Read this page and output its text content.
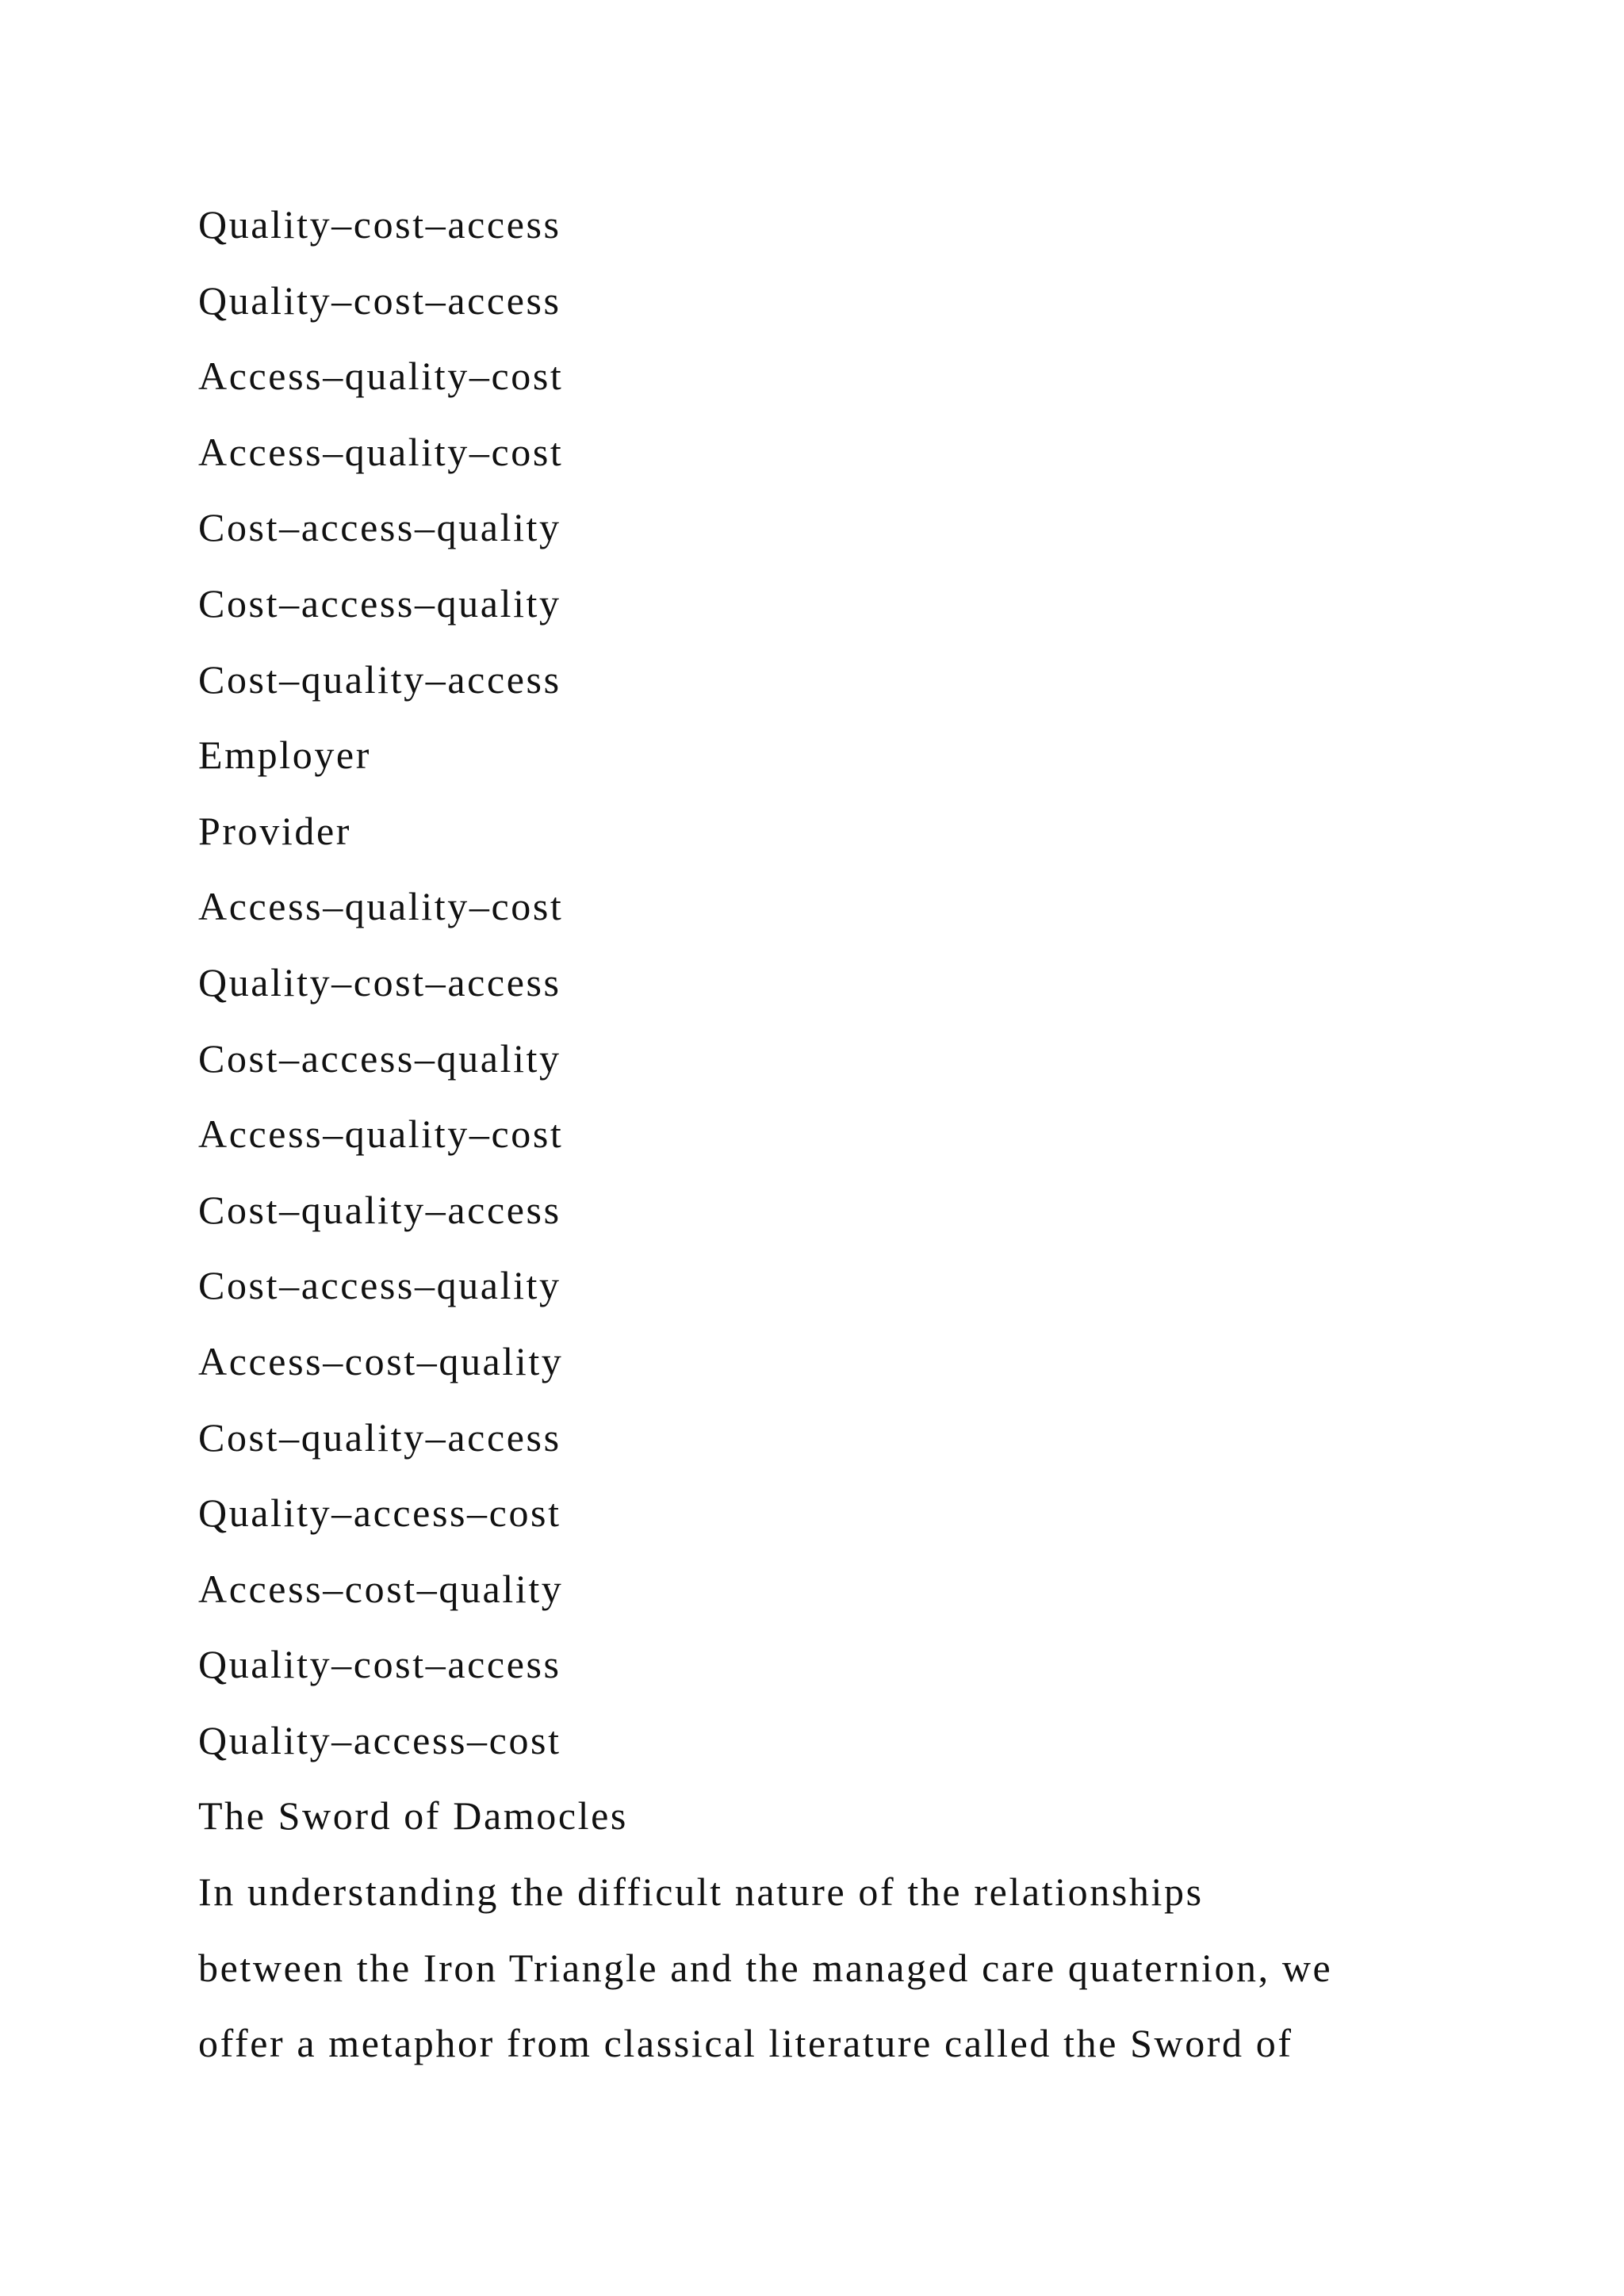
Quality–cost–access
Quality–cost–access
Access–quality–cost
Access–quality–cost
Cost–access–quality
Cost–access–quality
Cost–quality–access
Employer
Provider
Access–quality–cost
Quality–cost–access
Cost–access–quality
Access–quality–cost
Cost–quality–access
Cost–access–quality
Access–cost–quality
Cost–quality–access
Quality–access–cost
Access–cost–quality
Quality–cost–access
Quality–access–cost
The Sword of Damocles
In understanding the difficult nature of the relationships
between the Iron Triangle and the managed care quaternion, we
offer a metaphor from classical literature called the Sword of
